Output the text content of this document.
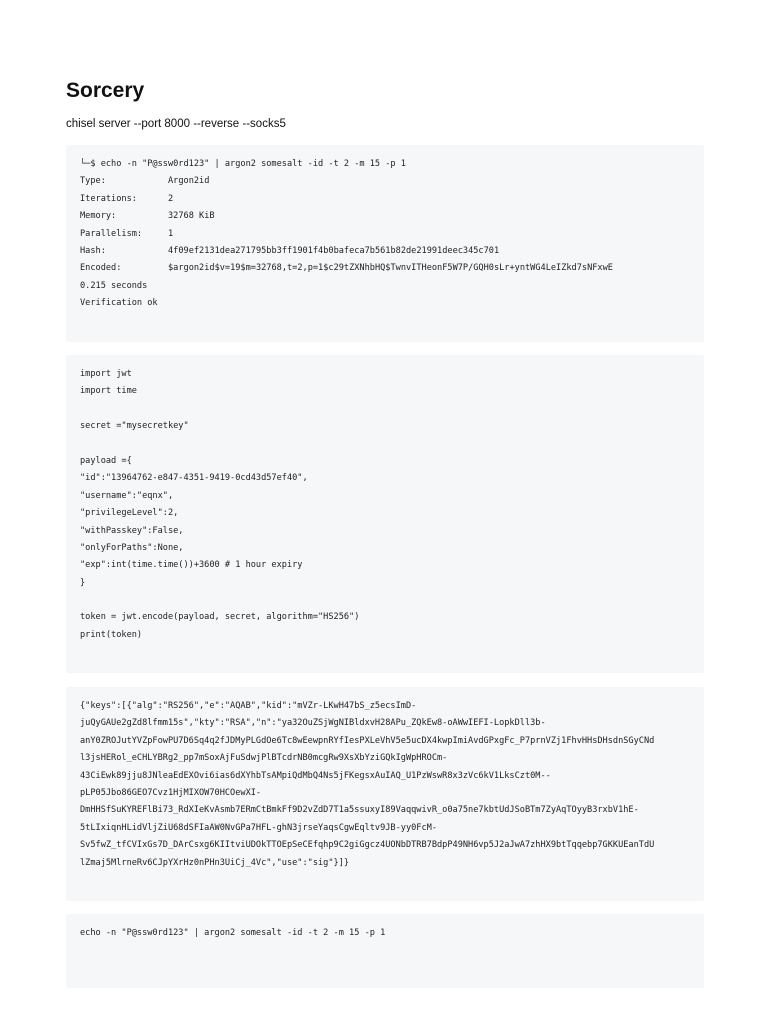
Sorcery

chisel server --port 8000 --reverse --socks5

└─$ echo -n "P@ssw0rd123" | argon2 somesalt -id -t 2 -m 15 -p 1
Type:	Argon2id
Iterations:	2
Memory:	32768 KiB
Parallelism:	1
Hash:	4f09ef2131dea271795bb3ff1901f4b0bafeca7b561b82de21991deec345c701
Encoded:	$argon2id$v=19$m=32768,t=2,p=1$c29tZXNhbHQ$TwnvITHeonF5W7P/GQH0sLr+yntWG4LeIZkd7sNFxwE
0.215 seconds
Verification ok
import jwt
import time
secret ="mysecretkey"
payload ={
"id":"13964762-e847-4351-9419-0cd43d57ef40",
"username":"eqnx",
"privilegeLevel":2,
"withPasskey":False,
"onlyForPaths":None,
"exp":int(time.time())+3600 # 1 hour expiry
}
token = jwt.encode(payload, secret, algorithm="HS256")
print(token)
{"keys":[{"alg":"RS256","e":"AQAB","kid":"mVZr-LKwH47bS_z5ecsImD-
juQyGAUe2gZd8lfmm15s","kty":"RSA","n":"ya32OuZSjWgNIBldxvH28APu_ZQkEw8-oAWwIEFI-LopkDll3b-
anY0ZROJutYVZpFowPU7D6Sq4q2fJDMyPLGdOe6Tc8wEewpnRYfIesPXLeVhV5e5ucDX4kwpImiAvdGPxgFc_P7prnVZj1FhvHHsDHsdnSGyCNd
l3jsHERol_eCHLYBRg2_pp7mSoxAjFuSdwjPlBTcdrNB0mcgRw9XsXbYziGQkIgWpHROCm-
43CiEwk89jju8JNleaEdEXOvi6ias6dXYhbTsAMpiQdMbQ4Ns5jFKegsxAuIAQ_U1PzWswR8x3zVc6kV1LksCzt0M--
pLP05Jbo86GEO7Cvz1HjMIXOW70HCOewXI-
DmHHSfSuKYREFlBi73_RdXIeKvAsmb7ERmCtBmkFf9D2vZdD7T1a5ssuxyI89VaqqwivR_o0a75ne7kbtUdJSoBTm7ZyAqTOyyB3rxbV1hE-
5tLIxiqnHLidVljZiU68dSFIaAW0NvGPa7HFL-ghN3jrseYaqsCgwEqltv9JB-yy0FcM-
Sv5fwZ_tfCVIxGs7D_DArCsxg6KIItviUDOkTTOEpSeCEfqhp9C2giGgcz4UONbDTRB7BdpP49NH6vp5J2aJwA7zhHX9btTqqebp7GKKUEanTdU
lZmaj5MlrneRv6CJpYXrHz0nPHn3UiCj_4Vc","use":"sig"}]}
echo -n "P@ssw0rd123" | argon2 somesalt -id -t 2 -m 15 -p 1
